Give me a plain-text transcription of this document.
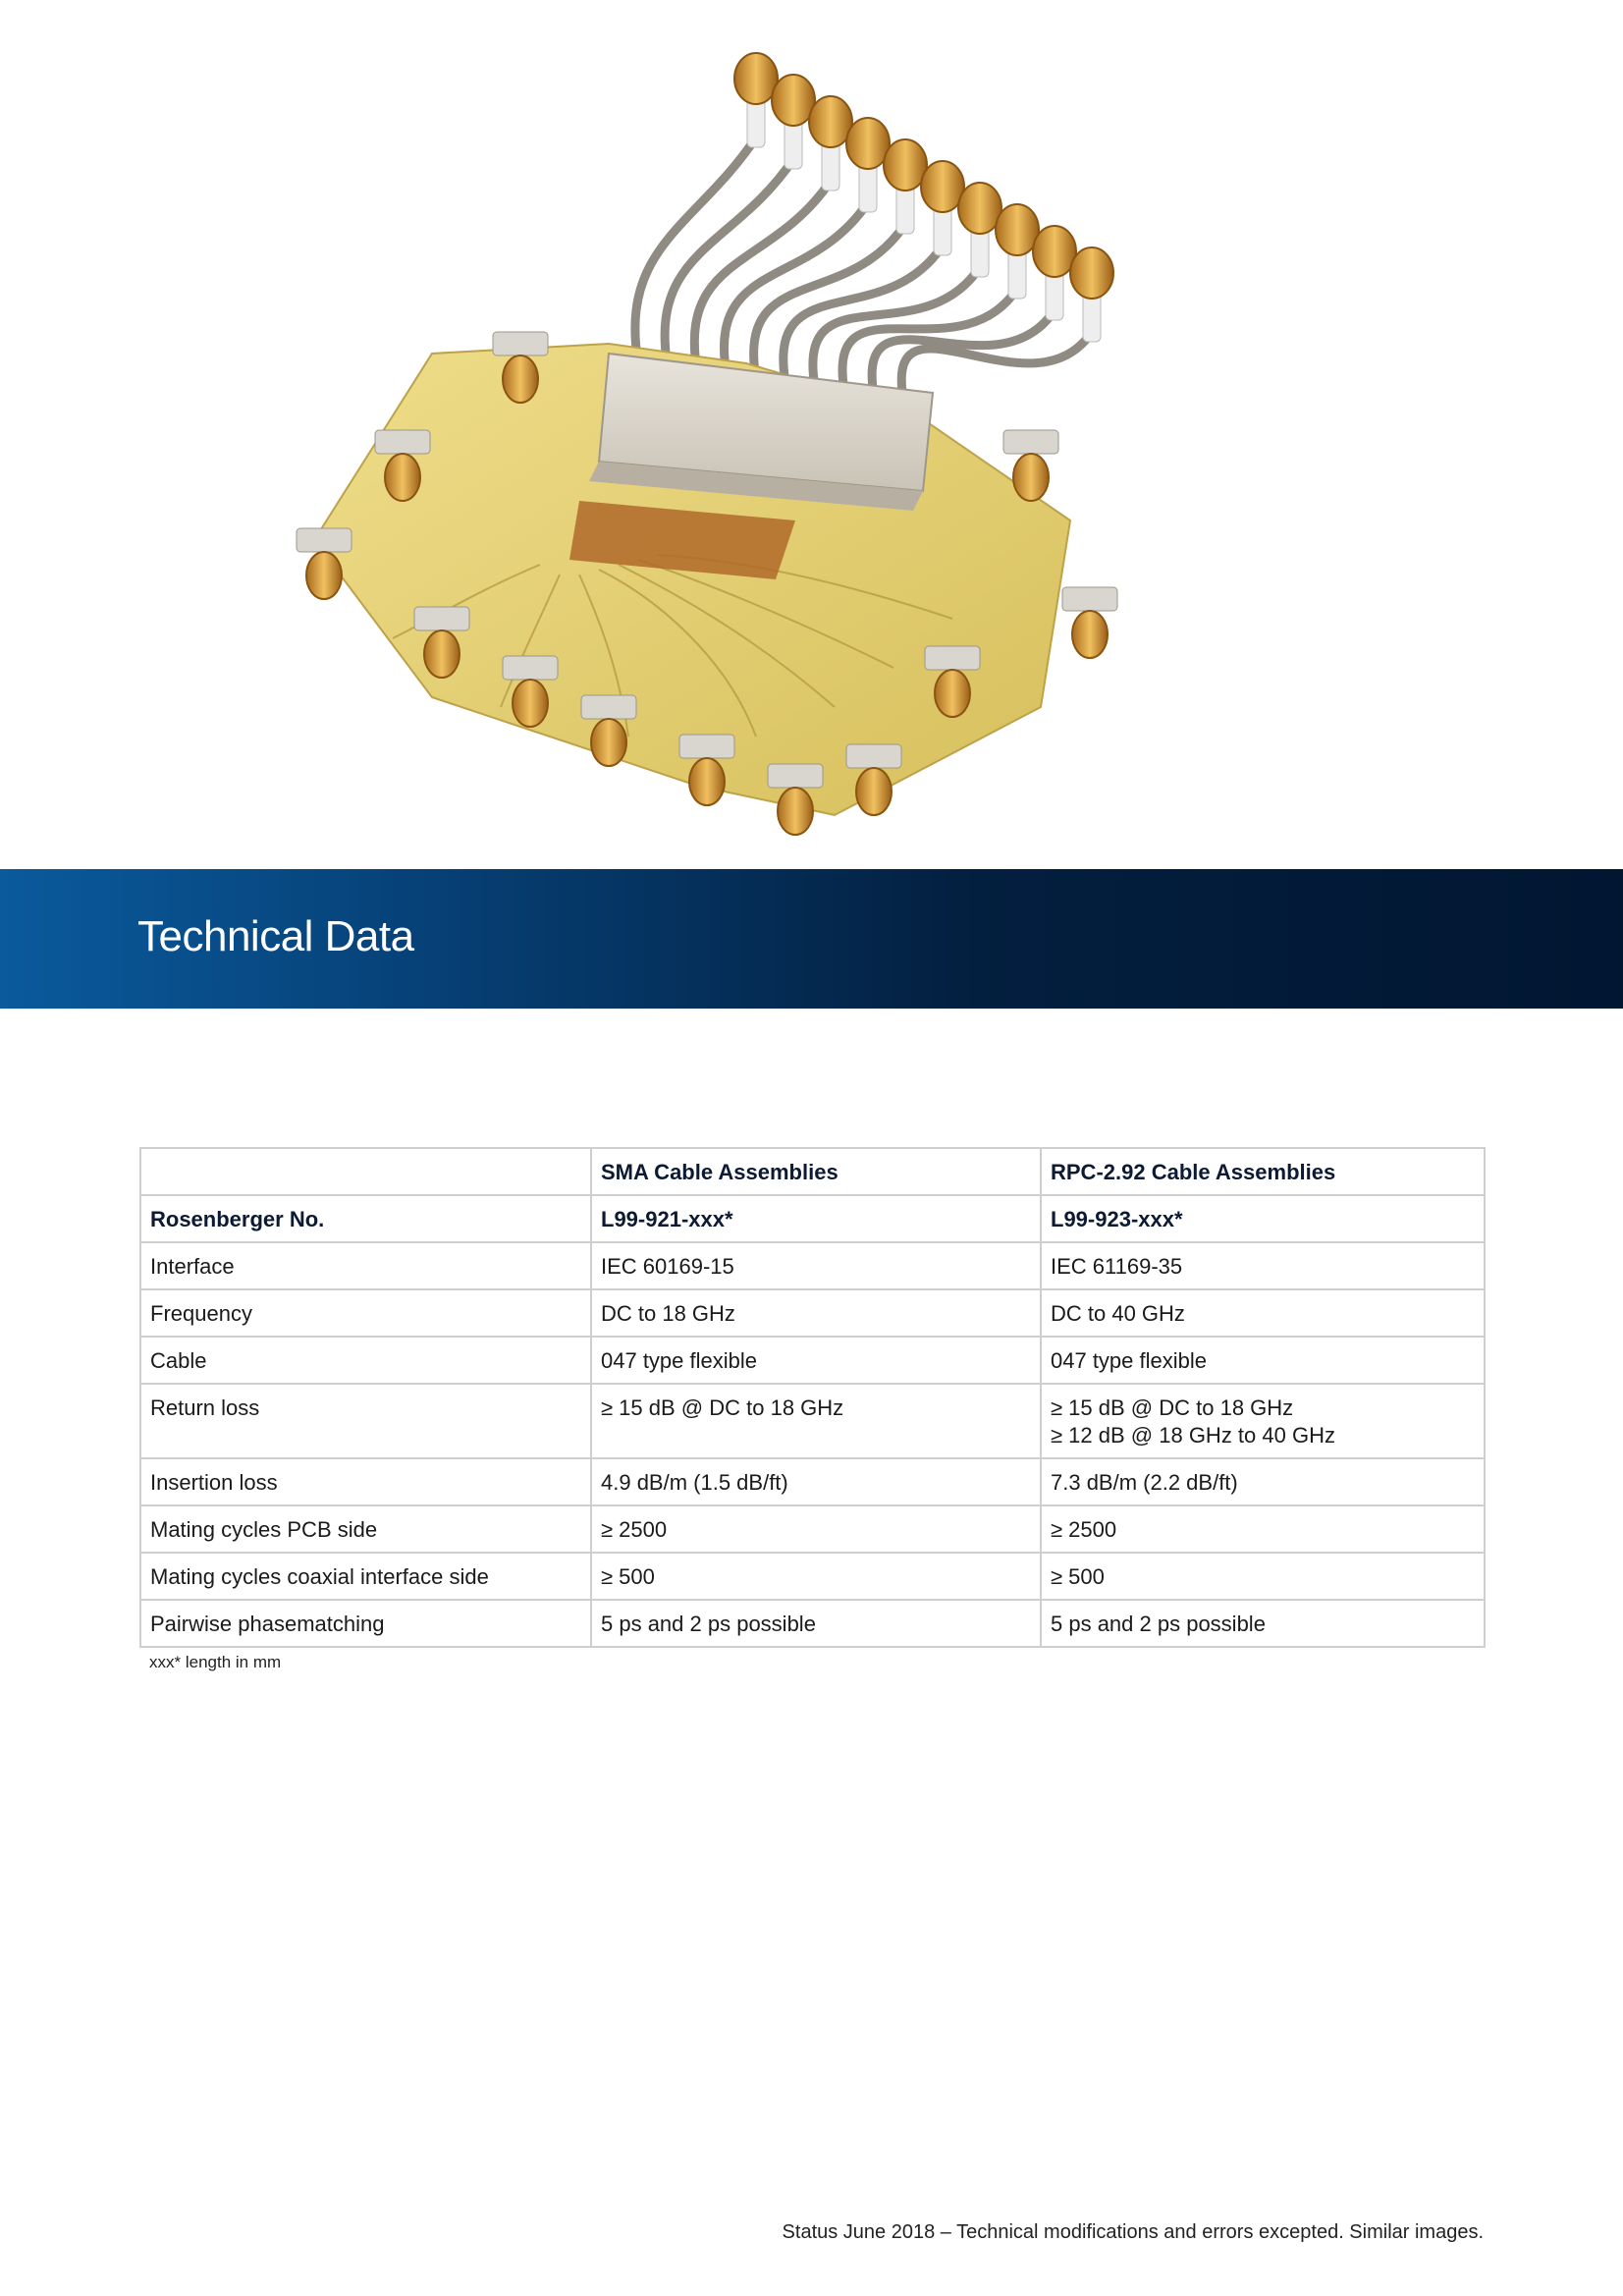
Technical Data
	SMA Cable Assemblies	RPC-2.92 Cable Assemblies
Rosenberger No.	L99-921-xxx*	L99-923-xxx*
Interface	IEC 60169-15	IEC 61169-35
Frequency	DC to 18 GHz	DC to 40 GHz
Cable	047 type flexible	047 type flexible
Return loss	≥ 15 dB @ DC to 18 GHz	≥ 15 dB @ DC to 18 GHz
≥ 12 dB @ 18 GHz to 40 GHz

Insertion loss	4.9 dB/m (1.5 dB/ft)	7.3 dB/m (2.2 dB/ft)
Mating cycles PCB side	≥ 2500	≥ 2500
Mating cycles coaxial interface side	≥ 500	≥ 500
Pairwise phasematching	5 ps and 2 ps possible	5 ps and 2 ps possible
xxx* length in mm
Status June 2018 – Technical modifications and errors excepted. Similar images.
